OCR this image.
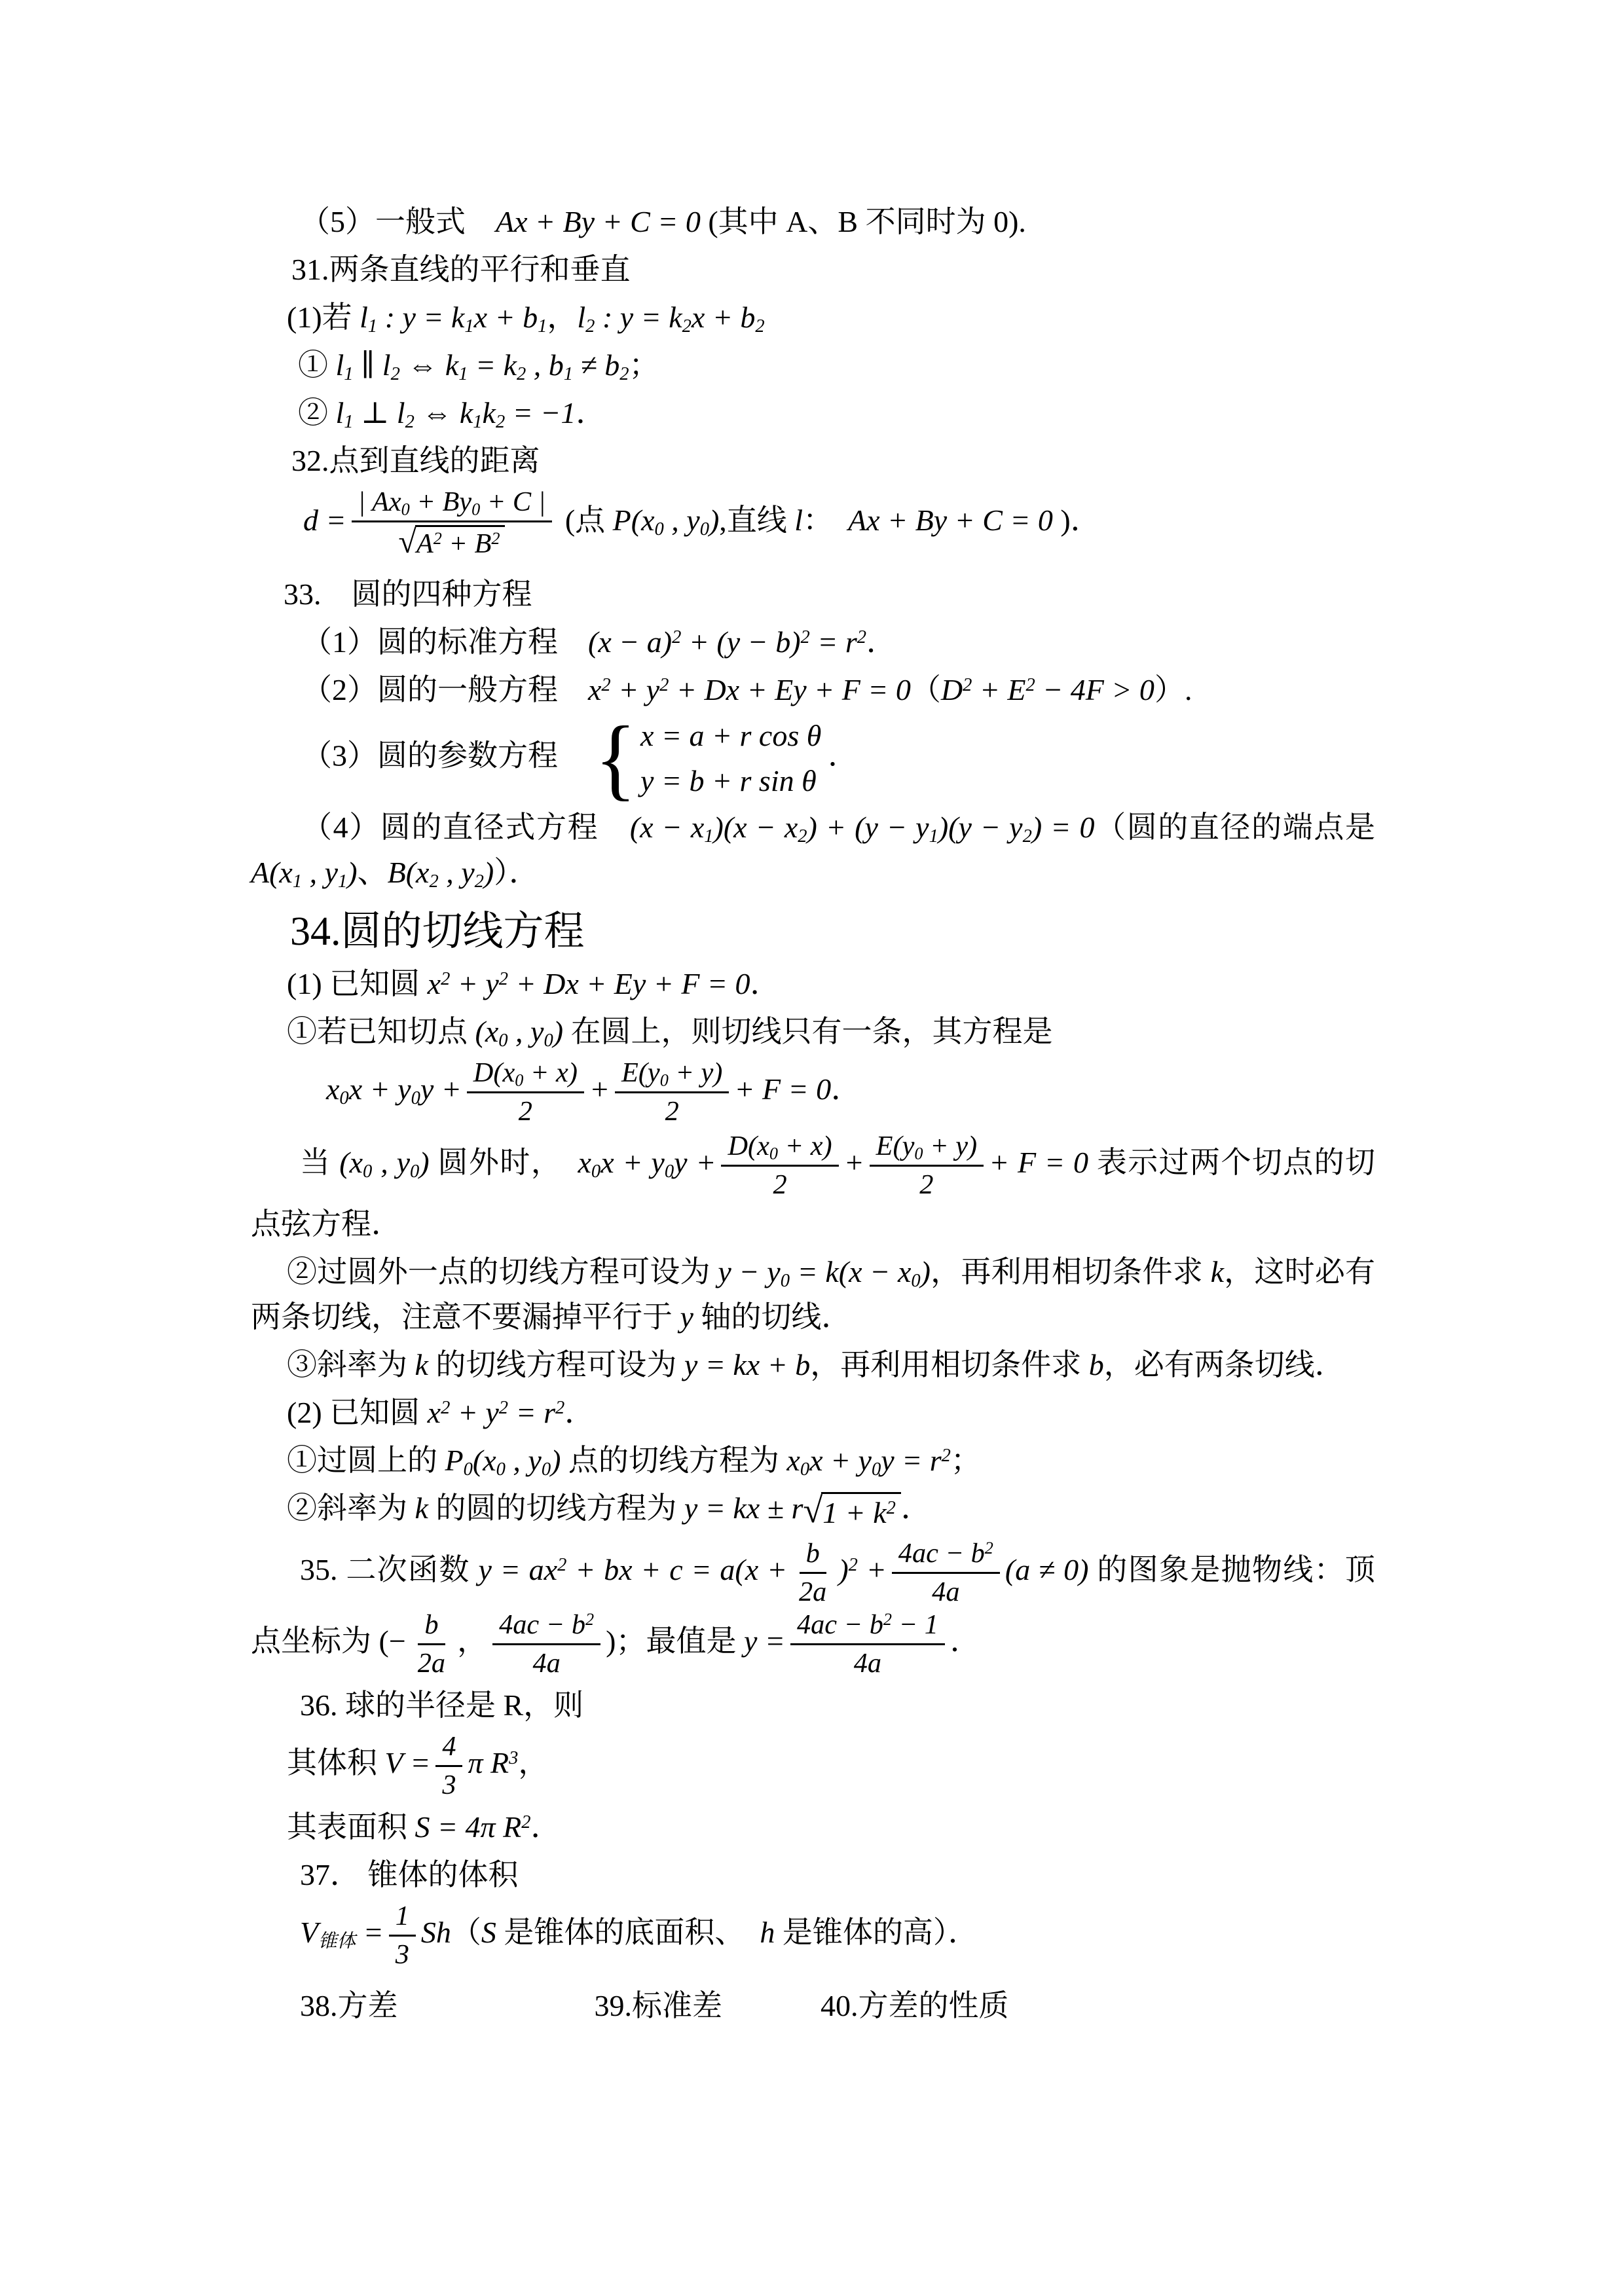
（5）一般式　Ax + By + C = 0 (其中 A、B 不同时为 0).
31.两条直线的平行和垂直
(1)若 $l_1$ : $y = k_1x + b_1$，$l_2$ : $y = k_2x + b_2$
① $l_1$ ∥ $l_2$ ⇔ $k_1 = k_2$ , $b_1 \ne b_2$；
② $l_1$ ⊥ $l_2$ ⇔ $k_1k_2 = -1$．
32.点到直线的距离
$d = \frac{| Ax_0 + By_0 + C |}{√ A^2 + B^2}$ (点 $P(x_0$ , $y_0$),直线 l：　Ax + By + C = 0 )．
33.　圆的四种方程
（1）圆的标准方程　$(x - a)^2 + (y - b)^2 = r^2$．
（2）圆的一般方程　$x^2 + y^2 + Dx + Ey + F = 0(D^2 + E^2 - 4F > 0)$.
（3）圆的参数方程　 { x = a + r cos θ
y = b + r sin θ
．
（4）圆的直径式方程　$(x - x_1)(x - x_2) + (y - y_1)(y - y_2) = 0$（圆的直径的端点是 $A(x_1$ , $y_1$)、$B(x_2$ , $y_2$)）．
34.圆的切线方程
(1) 已知圆 $x^2 + y^2 + Dx + Ey + F = 0$．
①若已知切点 ($x_0$ , $y_0$) 在圆上，则切线只有一条，其方程是
$x_0x + y_0y + \frac{D(x_0 + x)}{2} + \frac{E(y_0 + y)}{2} + F = 0$．
当 ($x_0$ , $y_0$) 圆外时，　$x_0x + y_0y + \frac{D(x_0 + x)}{2} + \frac{E(y_0 + y)}{2} + F = 0$ 表示过两个切点的切点弦方程．
②过圆外一点的切线方程可设为 $y - y_0 = k(x - x_0)$，再利用相切条件求 k，这时必有两条切线，注意不要漏掉平行于 y 轴的切线．
③斜率为 k 的切线方程可设为 y = kx + b，再利用相切条件求 b，必有两条切线．
(2) 已知圆 $x^2 + y^2 = r^2$．
①过圆上的 $P_0(x_0$ , $y_0$) 点的切线方程为 $x_0x + y_0y = r^2$；
②斜率为 k 的圆的切线方程为 y = kx ± r √ $1 + k^2$ ．
35. 二次函数 $y = ax^2$ + bx + $c = a(x + \frac{b}{2a} )^2 + \frac{4ac - b^2}{4a} (a \ne 0)$ 的图象是抛物线：顶点坐标为 (− $\frac{b}{2a}$ ， $\frac{4ac - b^2}{4a}$ )；最值是 $y = \frac{4ac - b^2 - 1}{4a}$ ．
36. 球的半径是 R，则
其体积 $V = \frac{4}{3}$ π $R^3$，
其表面积 S = 4π $R^2$．
37． 锥体的体积
$V_{锥体} = \frac{1}{3} Sh(S$ 是锥体的底面积、　h 是锥体的高）．
38.方差	39.标准差	40.方差的性质
